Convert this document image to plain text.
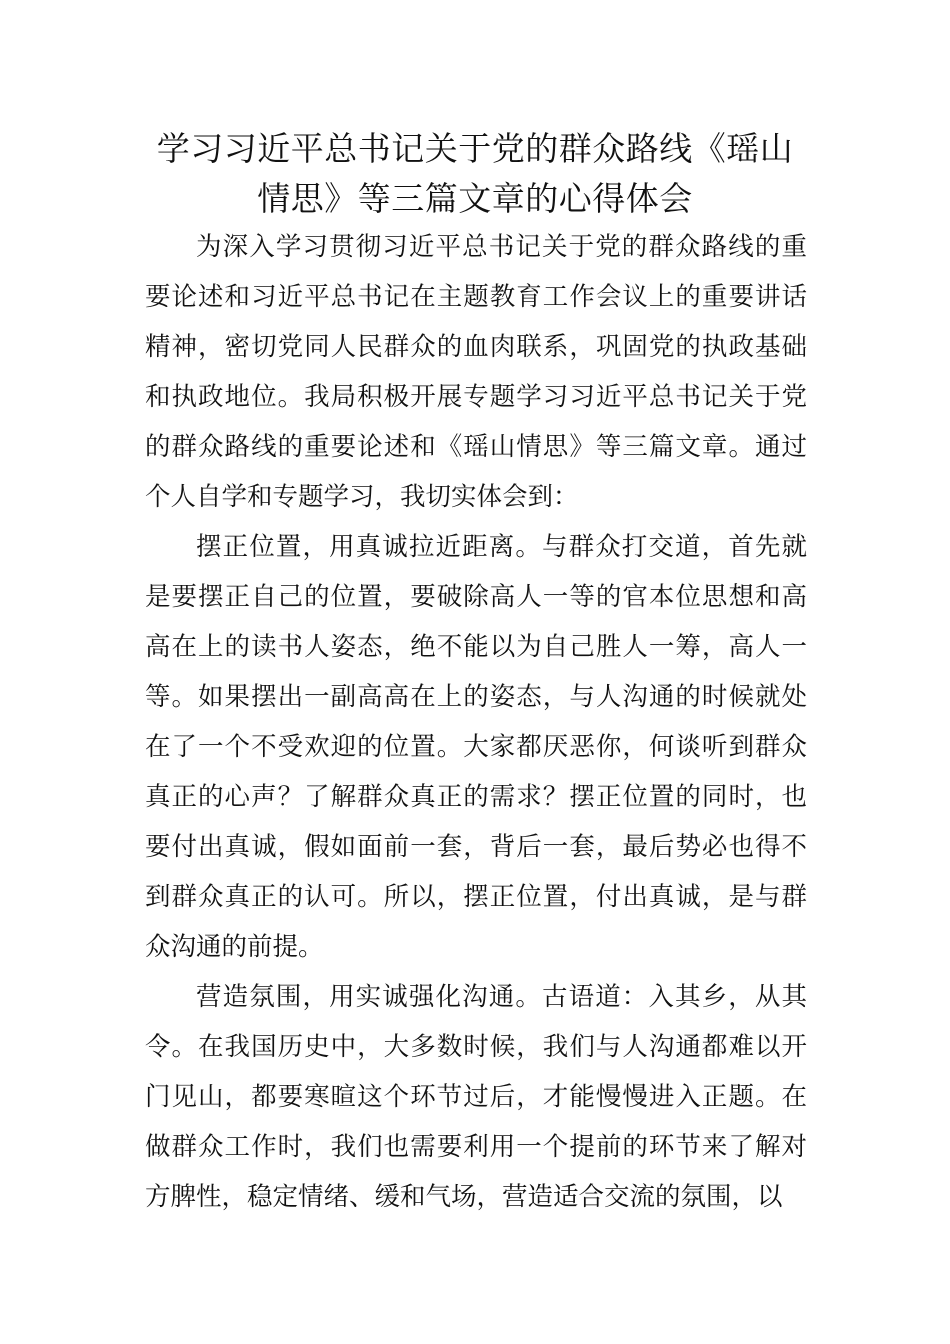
学习习近平总书记关于党的群众路线《瑶山情思》等三篇文章的心得体会

为深入学习贯彻习近平总书记关于党的群众路线的重要论述和习近平总书记在主题教育工作会议上的重要讲话精神，密切党同人民群众的血肉联系，巩固党的执政基础和执政地位。我局积极开展专题学习习近平总书记关于党的群众路线的重要论述和《瑶山情思》等三篇文章。通过个人自学和专题学习，我切实体会到：

摆正位置，用真诚拉近距离。与群众打交道，首先就是要摆正自己的位置，要破除高人一等的官本位思想和高高在上的读书人姿态，绝不能以为自己胜人一筹，高人一等。如果摆出一副高高在上的姿态，与人沟通的时候就处在了一个不受欢迎的位置。大家都厌恶你，何谈听到群众真正的心声？了解群众真正的需求？摆正位置的同时，也要付出真诚，假如面前一套，背后一套，最后势必也得不到群众真正的认可。所以，摆正位置，付出真诚，是与群众沟通的前提。

营造氛围，用实诚强化沟通。古语道：入其乡，从其令。在我国历史中，大多数时候，我们与人沟通都难以开门见山，都要寒暄这个环节过后，才能慢慢进入正题。在做群众工作时，我们也需要利用一个提前的环节来了解对方脾性，稳定情绪、缓和气场，营造适合交流的氛围，以
